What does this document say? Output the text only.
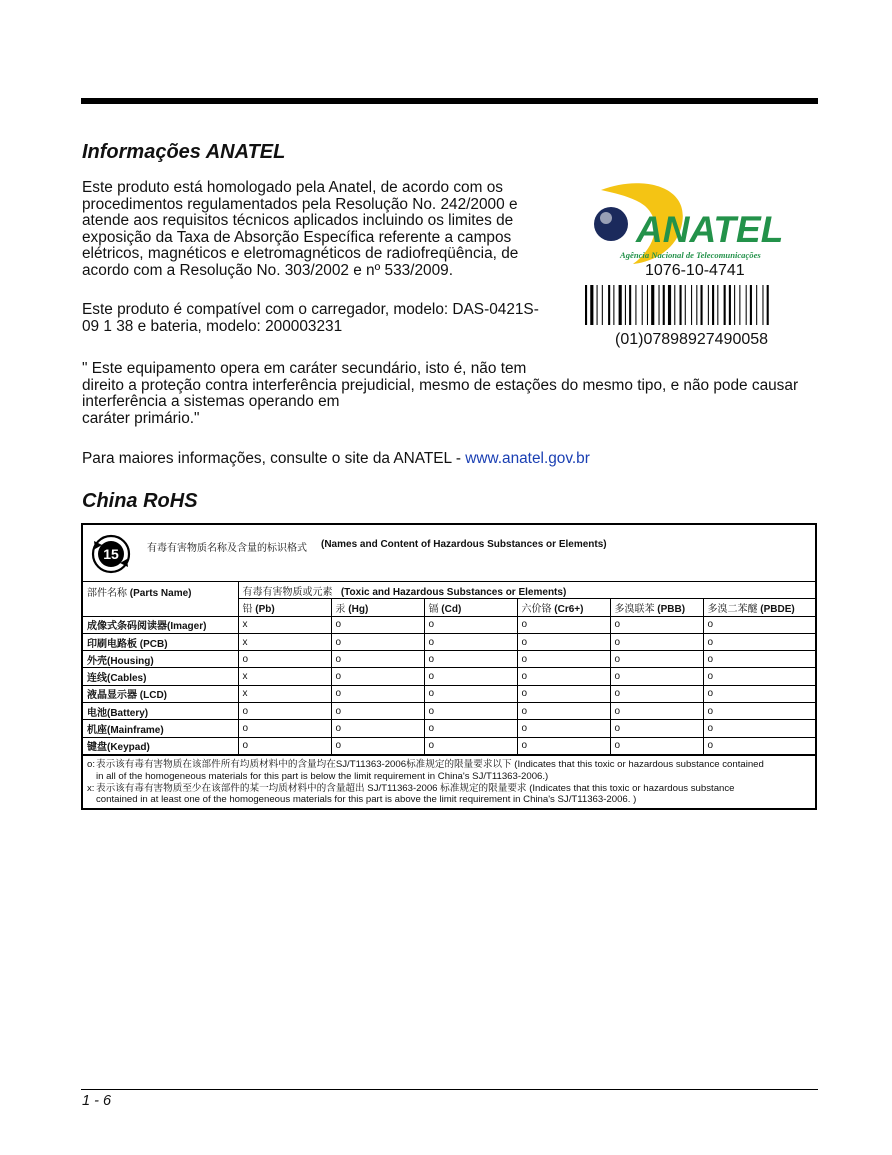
Informações ANATEL
Este produto está homologado pela Anatel, de acordo com os
procedimentos regulamentados pela Resolução No. 242/2000 e
atende aos requisitos técnicos aplicados incluindo os limites de
exposição da Taxa de Absorção Específica referente a campos
elétricos, magnéticos e eletromagnéticos de radiofreqüência, de
acordo com a Resolução No. 303/2002 e nº 533/2009.
Este produto é compatível com o carregador, modelo: DAS-0421S-
09 1 38 e bateria, modelo: 200003231
" Este equipamento opera em caráter secundário, isto é, não tem
direito a proteção contra interferência prejudicial, mesmo de estações do mesmo tipo, e não pode causar
interferência a sistemas operando em
caráter primário."
Para maiores informações, consulte o site da ANATEL - www.anatel.gov.br
ANATEL
Agência Nacional de Telecomunicações
1076-10-4741
(01)07898927490058
China RoHS
15	有毒有害物质名称及含量的标识格式 (Names and Content of Hazardous Substances or Elements)
部件名称 (Parts Name)	有毒有害物质或元素 (Toxic and Hazardous Substances or Elements)					
	铅 (Pb)	汞 (Hg)	镉 (Cd)	六价铬 (Cr6+)	多溴联苯 (PBB)	多溴二苯醚 (PBDE)
成像式条码阅读器(Imager)	x	o	o	o	o	o
印刷电路板 (PCB)	x	o	o	o	o	o
外壳(Housing)	o	o	o	o	o	o
连线(Cables)	x	o	o	o	o	o
液晶显示器 (LCD)	x	o	o	o	o	o
电池(Battery)	o	o	o	o	o	o
机座(Mainframe)	o	o	o	o	o	o
键盘(Keypad)	o	o	o	o	o	o
o: 表示该有毒有害物质在该部件所有均质材料中的含量均在SJ/T11363-2006标准规定的限量要求以下 (Indicates that this toxic or hazardous substance contained
in all of the homogeneous materials for this part is below the limit requirement in China's SJ/T11363-2006.)
x: 表示该有毒有害物质至少在该部件的某一均质材料中的含量超出 SJ/T11363-2006 标准规定的限量要求 (Indicates that this toxic or hazardous substance
contained in at least one of the homogeneous materials for this part is above the limit requirement in China's SJ/T11363-2006. )
1 - 6
